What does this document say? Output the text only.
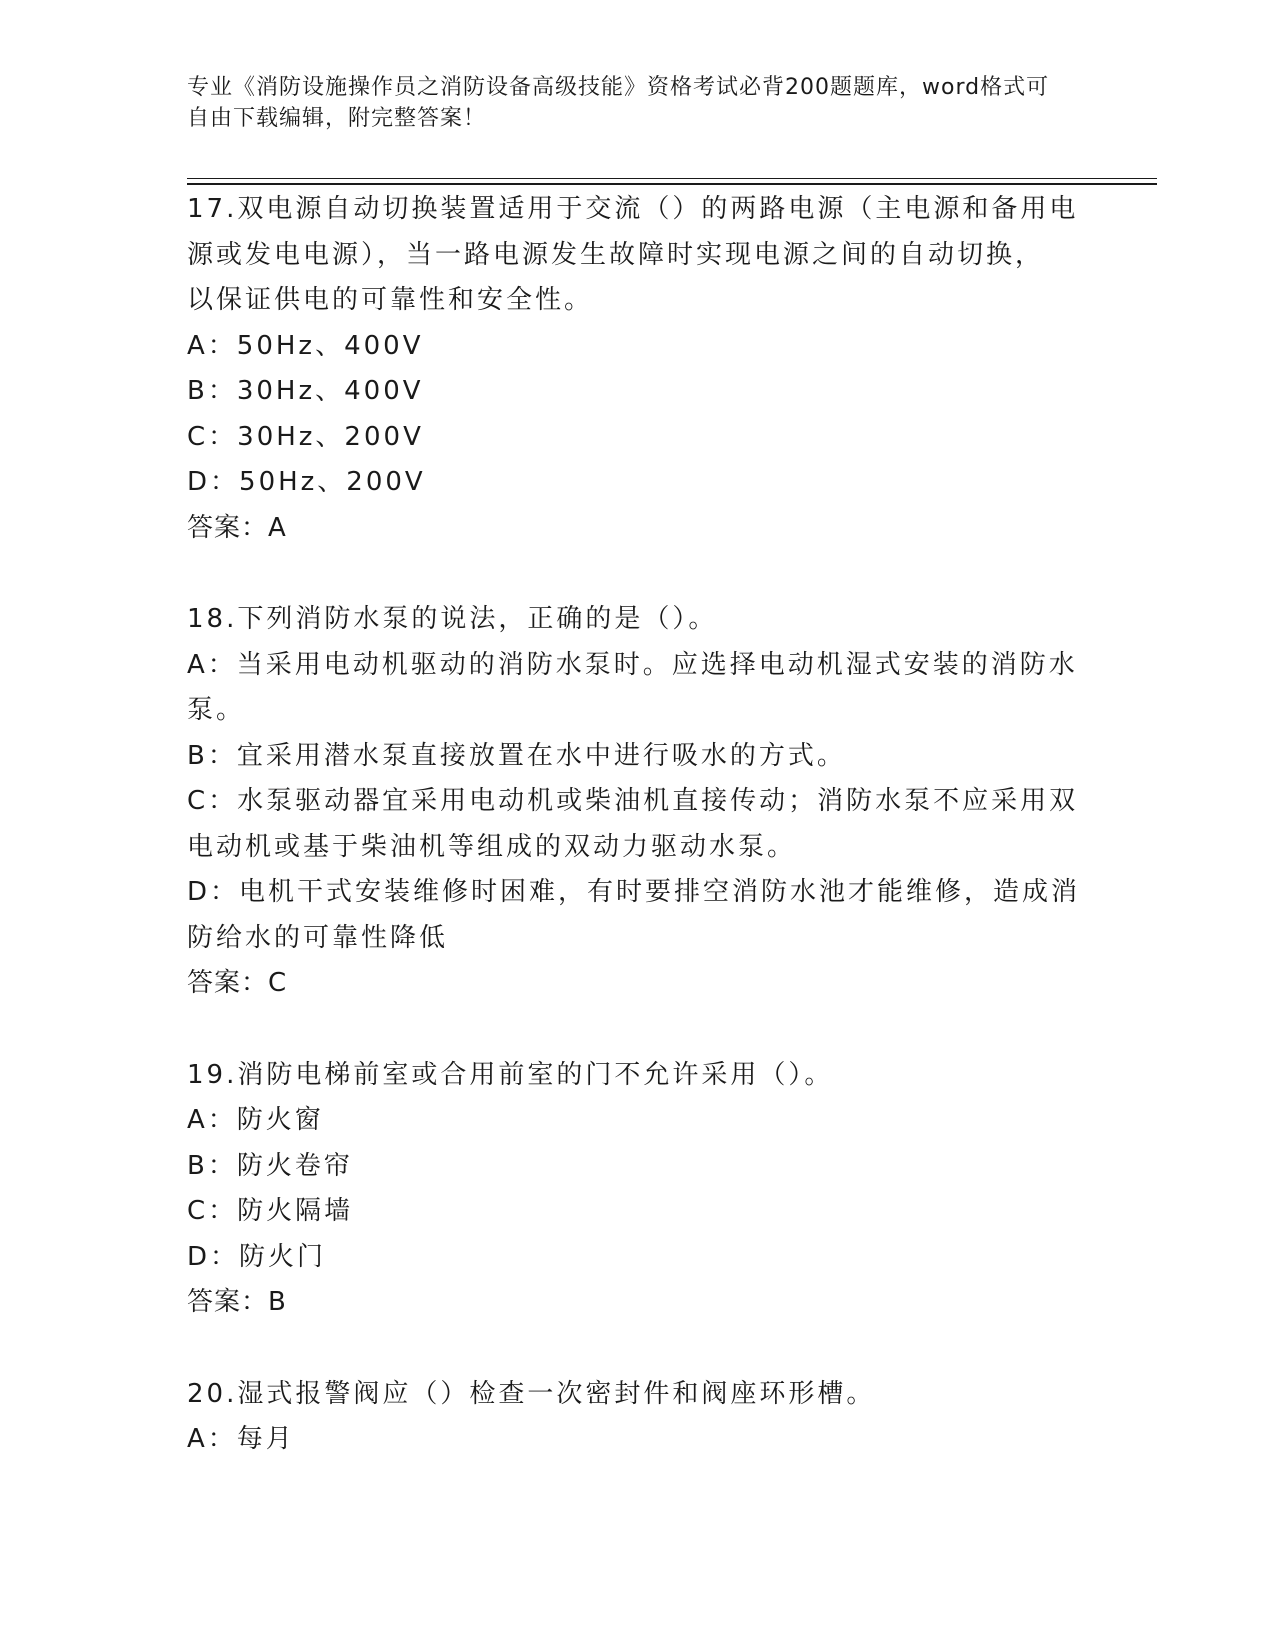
专业《消防设施操作员之消防设备高级技能》资格考试必背200题题库，word格式可自由下载编辑，附完整答案！
17.双电源自动切换装置适用于交流（）的两路电源（主电源和备用电
源或发电电源），当一路电源发生故障时实现电源之间的自动切换，
以保证供电的可靠性和安全性。
A：50Hz、400V
B：30Hz、400V
C：30Hz、200V
D：50Hz、200V
答案：A
18.下列消防水泵的说法，正确的是（）。
A：当采用电动机驱动的消防水泵时。应选择电动机湿式安装的消防水
泵。
B：宜采用潜水泵直接放置在水中进行吸水的方式。
C：水泵驱动器宜采用电动机或柴油机直接传动；消防水泵不应采用双
电动机或基于柴油机等组成的双动力驱动水泵。
D：电机干式安装维修时困难，有时要排空消防水池才能维修，造成消
防给水的可靠性降低
答案：C
19.消防电梯前室或合用前室的门不允许采用（）。
A：防火窗
B：防火卷帘
C：防火隔墙
D：防火门
答案：B
20.湿式报警阀应（）检查一次密封件和阀座环形槽。
A：每月
